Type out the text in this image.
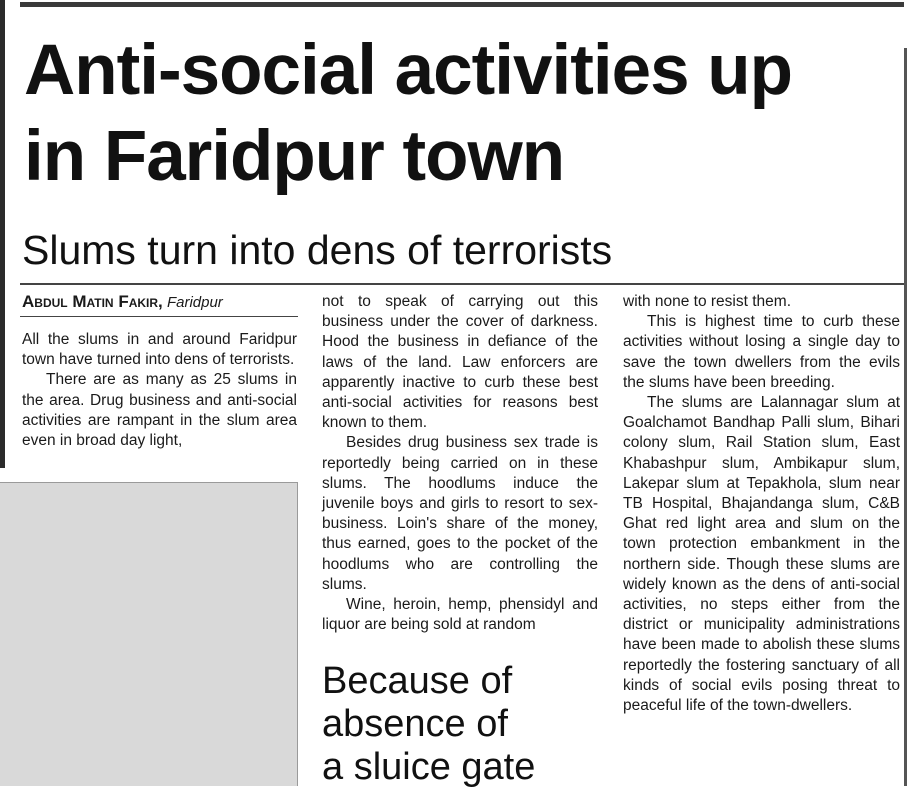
Anti-social activities up
in Faridpur town
Slums turn into dens of terrorists
Abdul Matin Fakir, Faridpur

All the slums in and around Faridpur town have turned into dens of terrorists.

There are as many as 25 slums in the area. Drug business and anti-social activities are rampant in the slum area even in broad day light,

not to speak of carrying out this business under the cover of darkness. Hood the business in defiance of the laws of the land. Law enforcers are apparently inactive to curb these best anti-social activities for reasons best known to them.

Besides drug business sex trade is reportedly being carried on in these slums. The hoodlums induce the juvenile boys and girls to resort to sex-business. Loin's share of the money, thus earned, goes to the pocket of the hoodlums who are controlling the slums.

Wine, heroin, hemp, phensidyl and liquor are being sold at random

Because of
absence of
a sluice gate

with none to resist them.

This is highest time to curb these activities without losing a single day to save the town dwellers from the evils the slums have been breeding.

The slums are Lalannagar slum at Goalchamot Bandhap Palli slum, Bihari colony slum, Rail Station slum, East Khabashpur slum, Ambikapur slum, Lakepar slum at Tepakhola, slum near TB Hospital, Bhajandanga slum, C&B Ghat red light area and slum on the town protection embankment in the northern side. Though these slums are widely known as the dens of anti-social activities, no steps either from the district or municipality administrations have been made to abolish these slums reportedly the fostering sanctuary of all kinds of social evils posing threat to peaceful life of the town-dwellers.
